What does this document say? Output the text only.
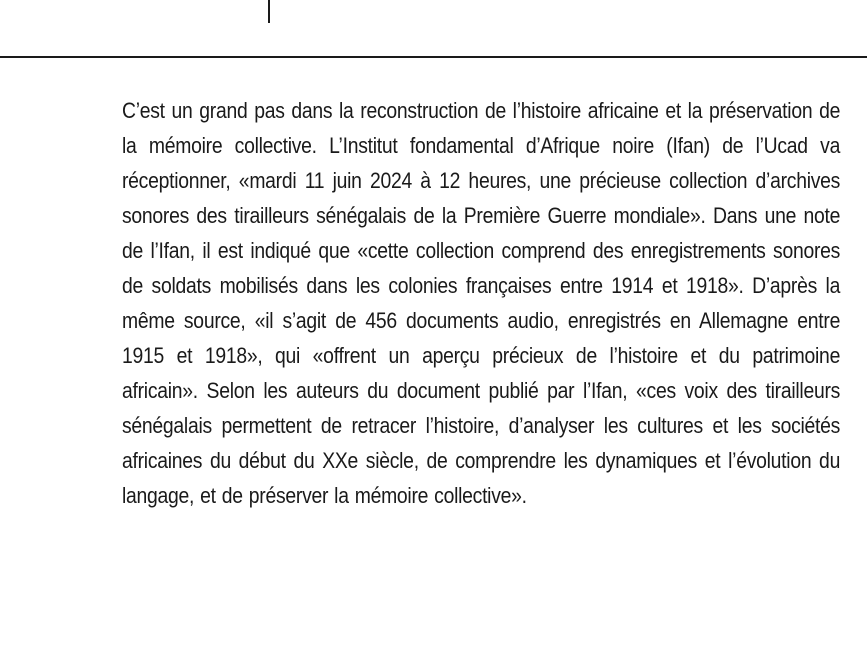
C’est un grand pas dans la reconstruction de l’histoire africaine et la préservation de la mémoire collective. L’Institut fondamental d’Afrique noire (Ifan) de l’Ucad va réceptionner, «mardi 11 juin 2024 à 12 heures, une précieuse collection d’archives sonores des tirailleurs sénégalais de la Première Guerre mondiale». Dans une note de l’Ifan, il est indiqué que «cette collection comprend des enregistrements sonores de soldats mobilisés dans les colonies françaises entre 1914 et 1918». D’après la même source, «il s’agit de 456 documents audio, enregistrés en Allemagne entre 1915 et 1918», qui «offrent un aperçu précieux de l’histoire et du patrimoine africain». Selon les auteurs du document publié par l’Ifan, «ces voix des tirailleurs sénégalais permettent de retracer l’histoire, d’analyser les cultures et les sociétés africaines du début du XXe siècle, de comprendre les dynamiques et l’évolution du langage, et de préserver la mémoire collective».
